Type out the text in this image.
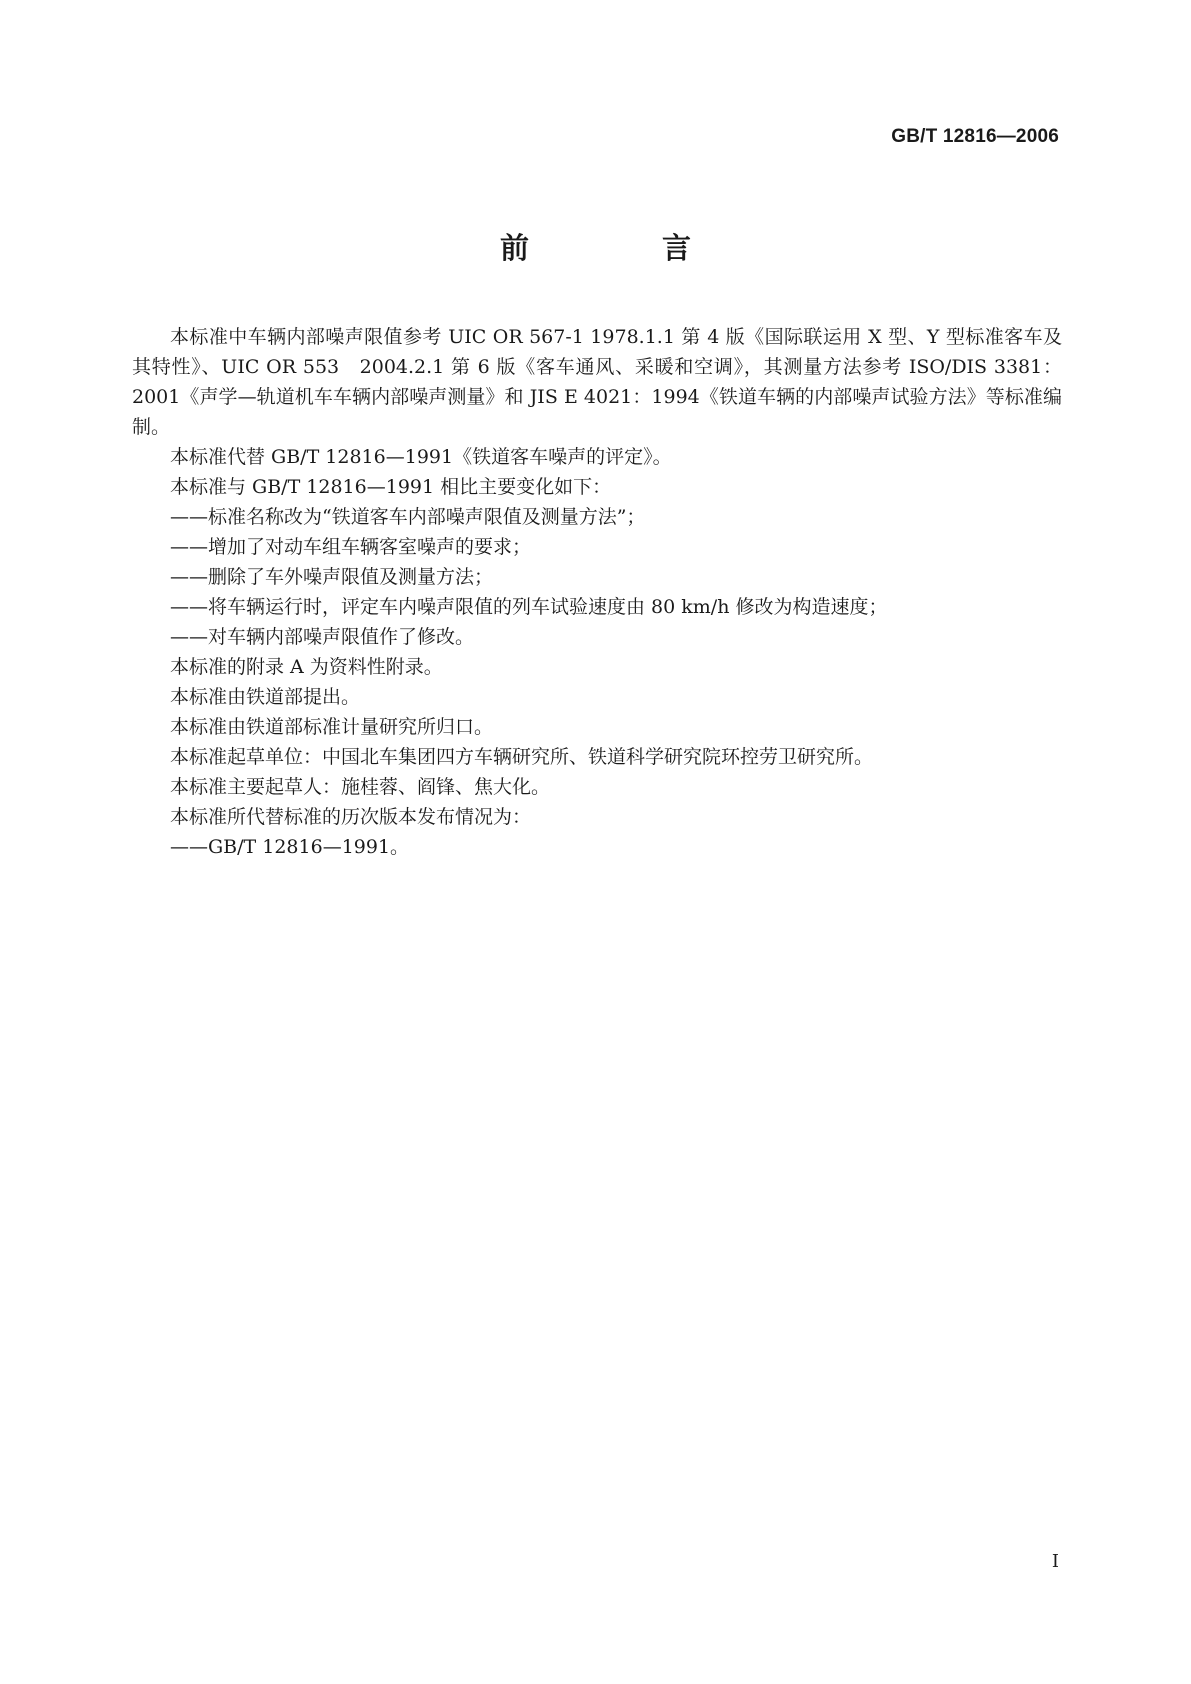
GB/T 12816—2006
前　言

本标准中车辆内部噪声限值参考 UIC OR 567-1 1978.1.1 第 4 版《国际联运用 X 型、Y 型标准客车及其特性》、UIC OR 553　2004.2.1 第 6 版《客车通风、采暖和空调》，其测量方法参考 ISO/DIS 3381：2001《声学—轨道机车车辆内部噪声测量》和 JIS E 4021：1994《铁道车辆的内部噪声试验方法》等标准编制。

本标准代替 GB/T 12816—1991《铁道客车噪声的评定》。

本标准与 GB/T 12816—1991 相比主要变化如下：

——标准名称改为“铁道客车内部噪声限值及测量方法”；

——增加了对动车组车辆客室噪声的要求；

——删除了车外噪声限值及测量方法；

——将车辆运行时，评定车内噪声限值的列车试验速度由 80 km/h 修改为构造速度；

——对车辆内部噪声限值作了修改。

本标准的附录 A 为资料性附录。

本标准由铁道部提出。

本标准由铁道部标准计量研究所归口。

本标准起草单位：中国北车集团四方车辆研究所、铁道科学研究院环控劳卫研究所。

本标准主要起草人：施桂蓉、阎锋、焦大化。

本标准所代替标准的历次版本发布情况为：

——GB/T 12816—1991。

I
